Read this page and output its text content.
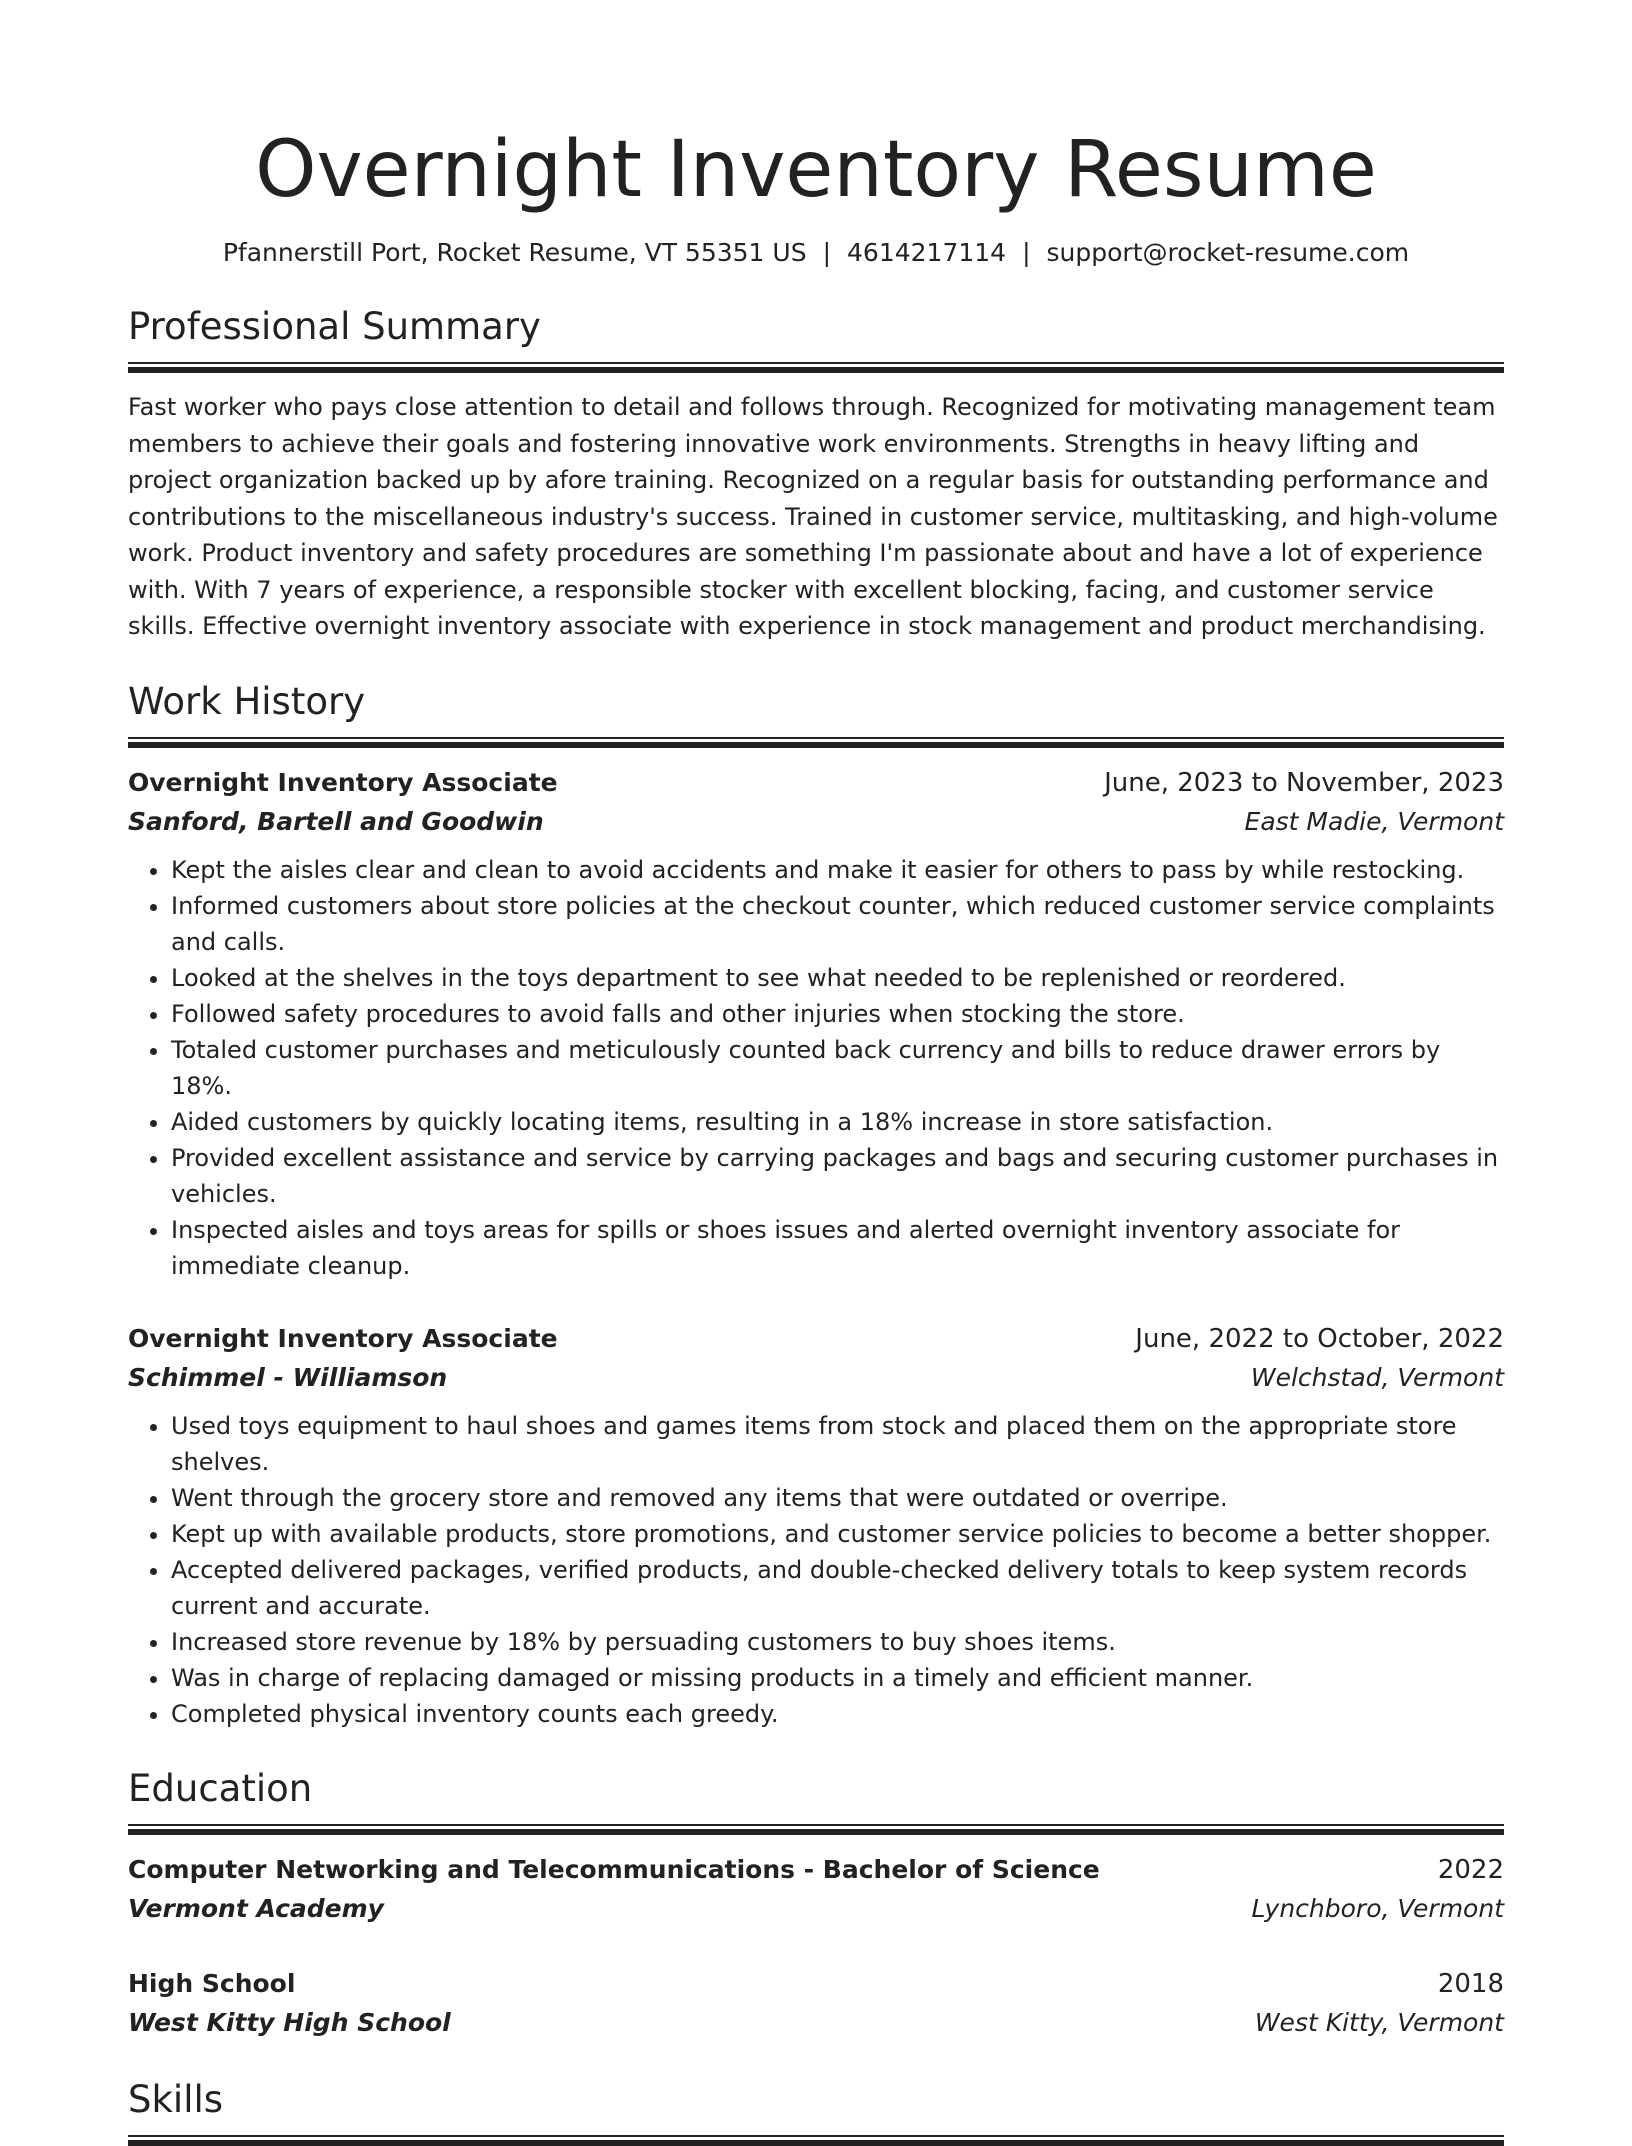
Overnight Inventory Resume
Pfannerstill Port, Rocket Resume, VT 55351 US | 4614217114 | support@rocket-resume.com
Professional Summary
Fast worker who pays close attention to detail and follows through. Recognized for motivating management team members to achieve their goals and fostering innovative work environments. Strengths in heavy lifting and project organization backed up by afore training. Recognized on a regular basis for outstanding performance and contributions to the miscellaneous industry's success. Trained in customer service, multitasking, and high-volume work. Product inventory and safety procedures are something I'm passionate about and have a lot of experience with. With 7 years of experience, a responsible stocker with excellent blocking, facing, and customer service skills. Effective overnight inventory associate with experience in stock management and product merchandising.
Work History
Overnight Inventory Associate	June, 2023 to November, 2023
Sanford, Bartell and Goodwin	East Madie, Vermont
• Kept the aisles clear and clean to avoid accidents and make it easier for others to pass by while restocking.
• Informed customers about store policies at the checkout counter, which reduced customer service complaints and calls.
• Looked at the shelves in the toys department to see what needed to be replenished or reordered.
• Followed safety procedures to avoid falls and other injuries when stocking the store.
• Totaled customer purchases and meticulously counted back currency and bills to reduce drawer errors by 18%.
• Aided customers by quickly locating items, resulting in a 18% increase in store satisfaction.
• Provided excellent assistance and service by carrying packages and bags and securing customer purchases in vehicles.
• Inspected aisles and toys areas for spills or shoes issues and alerted overnight inventory associate for immediate cleanup.
Overnight Inventory Associate	June, 2022 to October, 2022
Schimmel - Williamson	Welchstad, Vermont
• Used toys equipment to haul shoes and games items from stock and placed them on the appropriate store shelves.
• Went through the grocery store and removed any items that were outdated or overripe.
• Kept up with available products, store promotions, and customer service policies to become a better shopper.
• Accepted delivered packages, verified products, and double-checked delivery totals to keep system records current and accurate.
• Increased store revenue by 18% by persuading customers to buy shoes items.
• Was in charge of replacing damaged or missing products in a timely and efficient manner.
• Completed physical inventory counts each greedy.
Education
Computer Networking and Telecommunications - Bachelor of Science	2022
Vermont Academy	Lynchboro, Vermont
High School	2018
West Kitty High School	West Kitty, Vermont
Skills
